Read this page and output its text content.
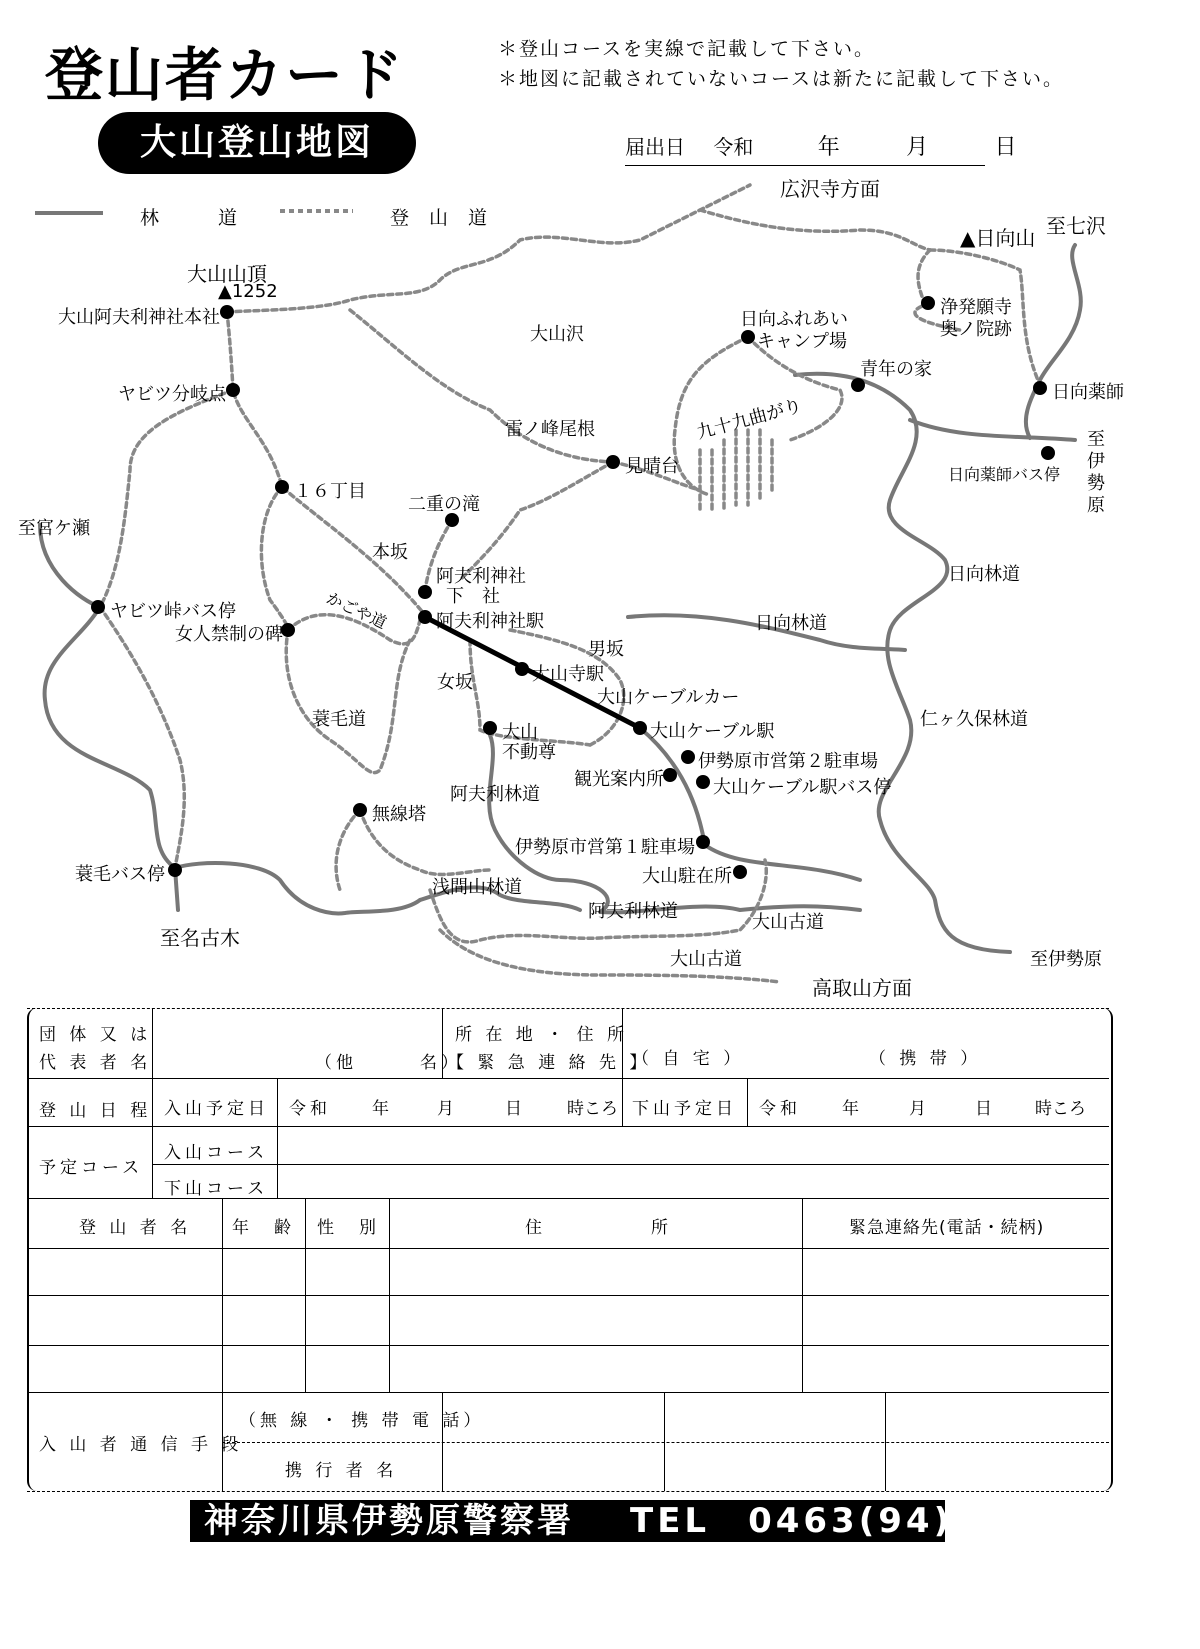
登山者カード	＊登山コースを実線で記載して下さい。
＊地図に記載されていないコースは新たに記載して下さい。
大山登山地図	届出日 令和	年	月	日
林　道	登山道
広沢寺方面
▲日向山 至七沢
大山山頂
▲1252
大山阿夫利神社本社
大山沢
日向ふれあい
キャンプ場
浄発願寺
奥ノ院跡
青年の家
日向薬師
ヤビツ分岐点
九十九曲がり
雷ノ峰尾根
見晴台	日向薬師バス停
至
伊
勢
原
１６丁目
二重の滝
至宮ケ瀬
本坂
阿夫利神社
下　社
日向林道
ヤビツ峠バス停	かごや道	阿夫利神社駅	日向林道
女人禁制の碑
男坂
大山寺駅
女坂
大山ケーブルカー
仁ヶ久保林道
蓑毛道
大山
不動尊
大山ケーブル駅
伊勢原市営第２駐車場
観光案内所	大山ケーブル駅バス停
阿夫利林道
無線塔
伊勢原市営第１駐車場
蓑毛バス停	大山駐在所
浅間山林道
阿夫利林道
大山古道
至名古木
大山古道	至伊勢原
高取山方面
団 体 又 は
代 表 者 名	（他　　　名）
所 在 地 ・ 住 所
【 緊 急 連 絡 先 】
（ 自 宅 ）	（ 携 帯 ）
登 山 日 程 入山予定日 令和 年	月	日 時ころ 下山予定日 令和 年	月	日 時ころ
予定コース
入山コース
下山コース
登 山 者 名 年　齢 性　別	住　　　　　所	緊急連絡先(電話・続柄)
入 山 者 通 信 手 段
（無 線 ・ 携 帯 電 話）
携 行 者 名
神奈川県伊勢原警察署 TEL　0463(94)0110
